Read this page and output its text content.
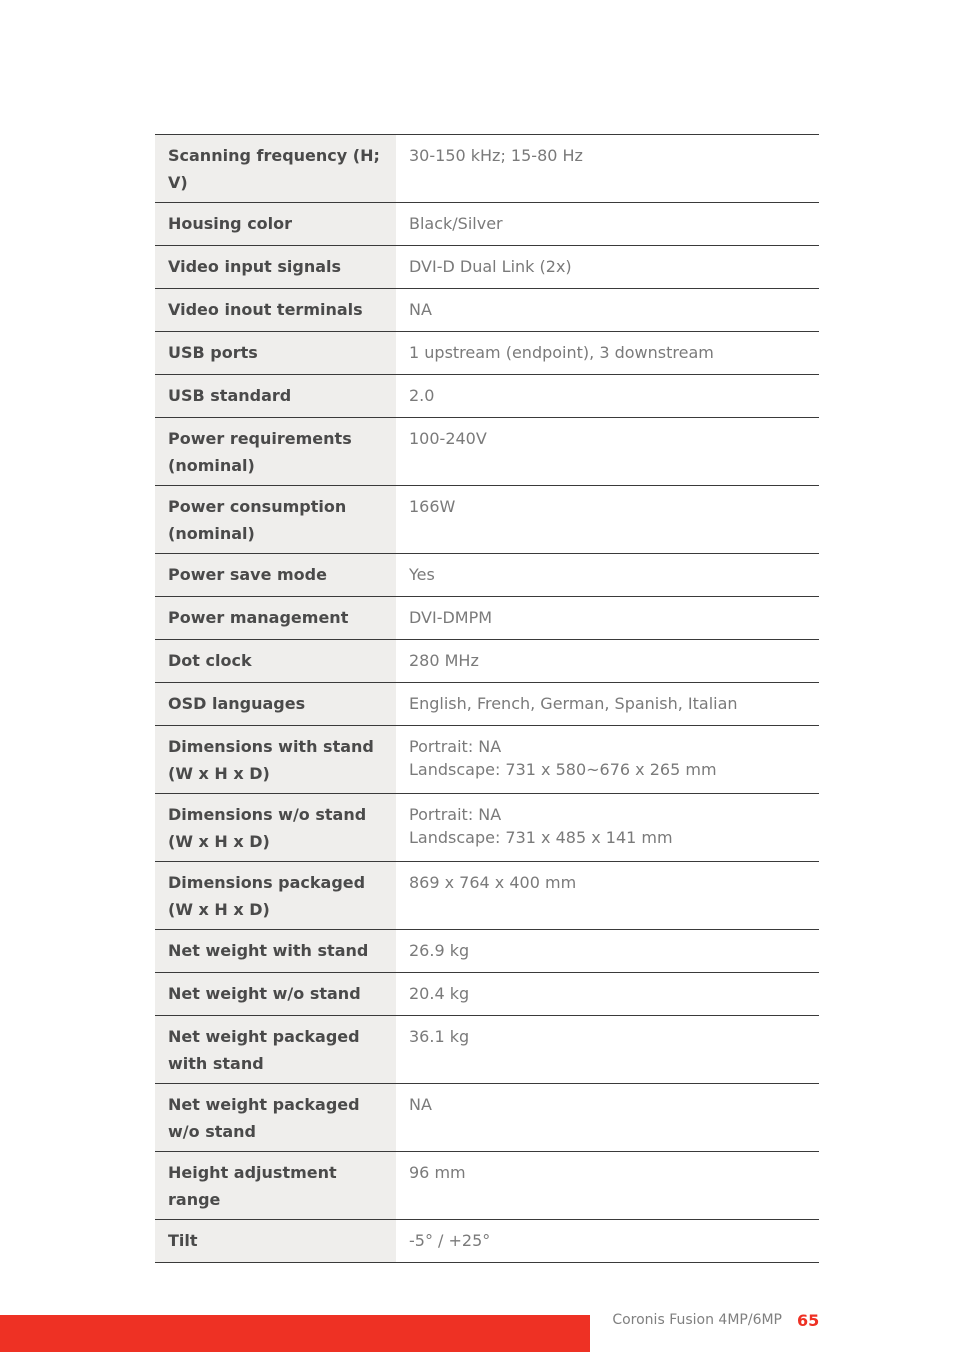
Scanning frequency (H; V)	30-150 kHz; 15-80 Hz

Housing color	Black/Silver

Video input signals	DVI-D Dual Link (2x)

Video inout terminals	NA

USB ports	1 upstream (endpoint), 3 downstream

USB standard	2.0

Power requirements (nominal)	100-240V

Power consumption (nominal)	166W

Power save mode	Yes

Power management	DVI-DMPM

Dot clock	280 MHz

OSD languages	English, French, German, Spanish, Italian

Dimensions with stand (W x H x D)	Portrait: NA
Landscape: 731 x 580~676 x 265 mm

Dimensions w/o stand (W x H x D)	Portrait: NA
Landscape: 731 x 485 x 141 mm

Dimensions packaged (W x H x D)	869 x 764 x 400 mm

Net weight with stand	26.9 kg

Net weight w/o stand	20.4 kg

Net weight packaged with stand	36.1 kg

Net weight packaged w/o stand	NA

Height adjustment range	96 mm

Tilt	-5° / +25°
Coronis Fusion 4MP/6MP 65
